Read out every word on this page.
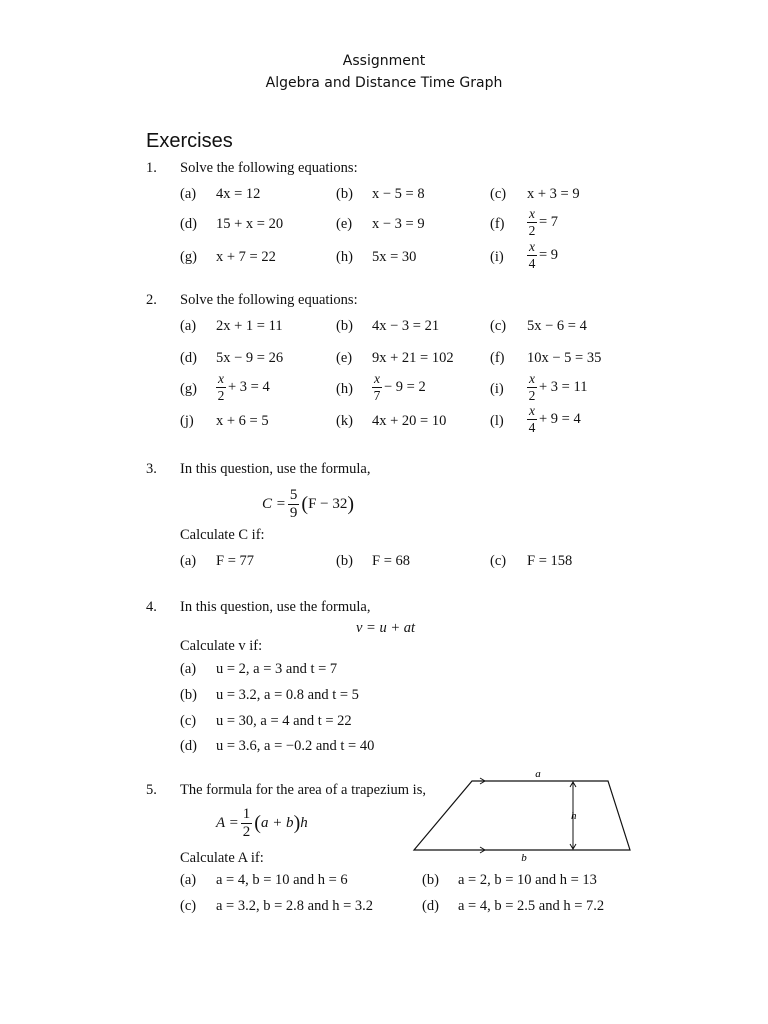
Assignment
Algebra and Distance Time Graph
Exercises
1. Solve the following equations:
(a) 4x = 12	(b) x − 5 = 8	(c) x + 3 = 9
(d) 15 + x = 20	(e) x − 3 = 9	$(f) \frac{x}{2} = 7$
(g) x + 7 = 22	(h) 5x = 30	$(i) \frac{x}{4} = 9$
2. Solve the following equations:
(a) 2x + 1 = 11	(b) 4x − 3 = 21	(c) 5x − 6 = 4
(d) 5x − 9 = 26	(e) 9x + 21 = 102	(f) 10x − 5 = 35
$(g) \frac{x}{2} + 3 = 4$	$(h) \frac{x}{7} - 9 = 2$	$(i) \frac{x}{2} + 3 = 11$
(j) x + 6 = 5	(k) 4x + 20 = 10	$(l) \frac{x}{4} + 9 = 4$
3. In this question, use the formula,
$C = \frac{5}{9}$ ( F − 32 )
Calculate C if:
(a) F = 77	(b) F = 68	(c) F = 158
4. In this question, use the formula,
v = u + at
Calculate v if:
(a) u = 2, a = 3 and t = 7
(b) u = 3.2, a = 0.8 and t = 5
(c) u = 30, a = 4 and t = 22
(d) u = 3.6, a = −0.2 and t = 40
5. The formula for the area of a trapezium is,
$A = \frac{1}{2}$ ( a + b ) h
a
h
b
Calculate A if:
(a) a = 4, b = 10 and h = 6	(b) a = 2, b = 10 and h = 13
(c) a = 3.2, b = 2.8 and h = 3.2	(d) a = 4, b = 2.5 and h = 7.2
